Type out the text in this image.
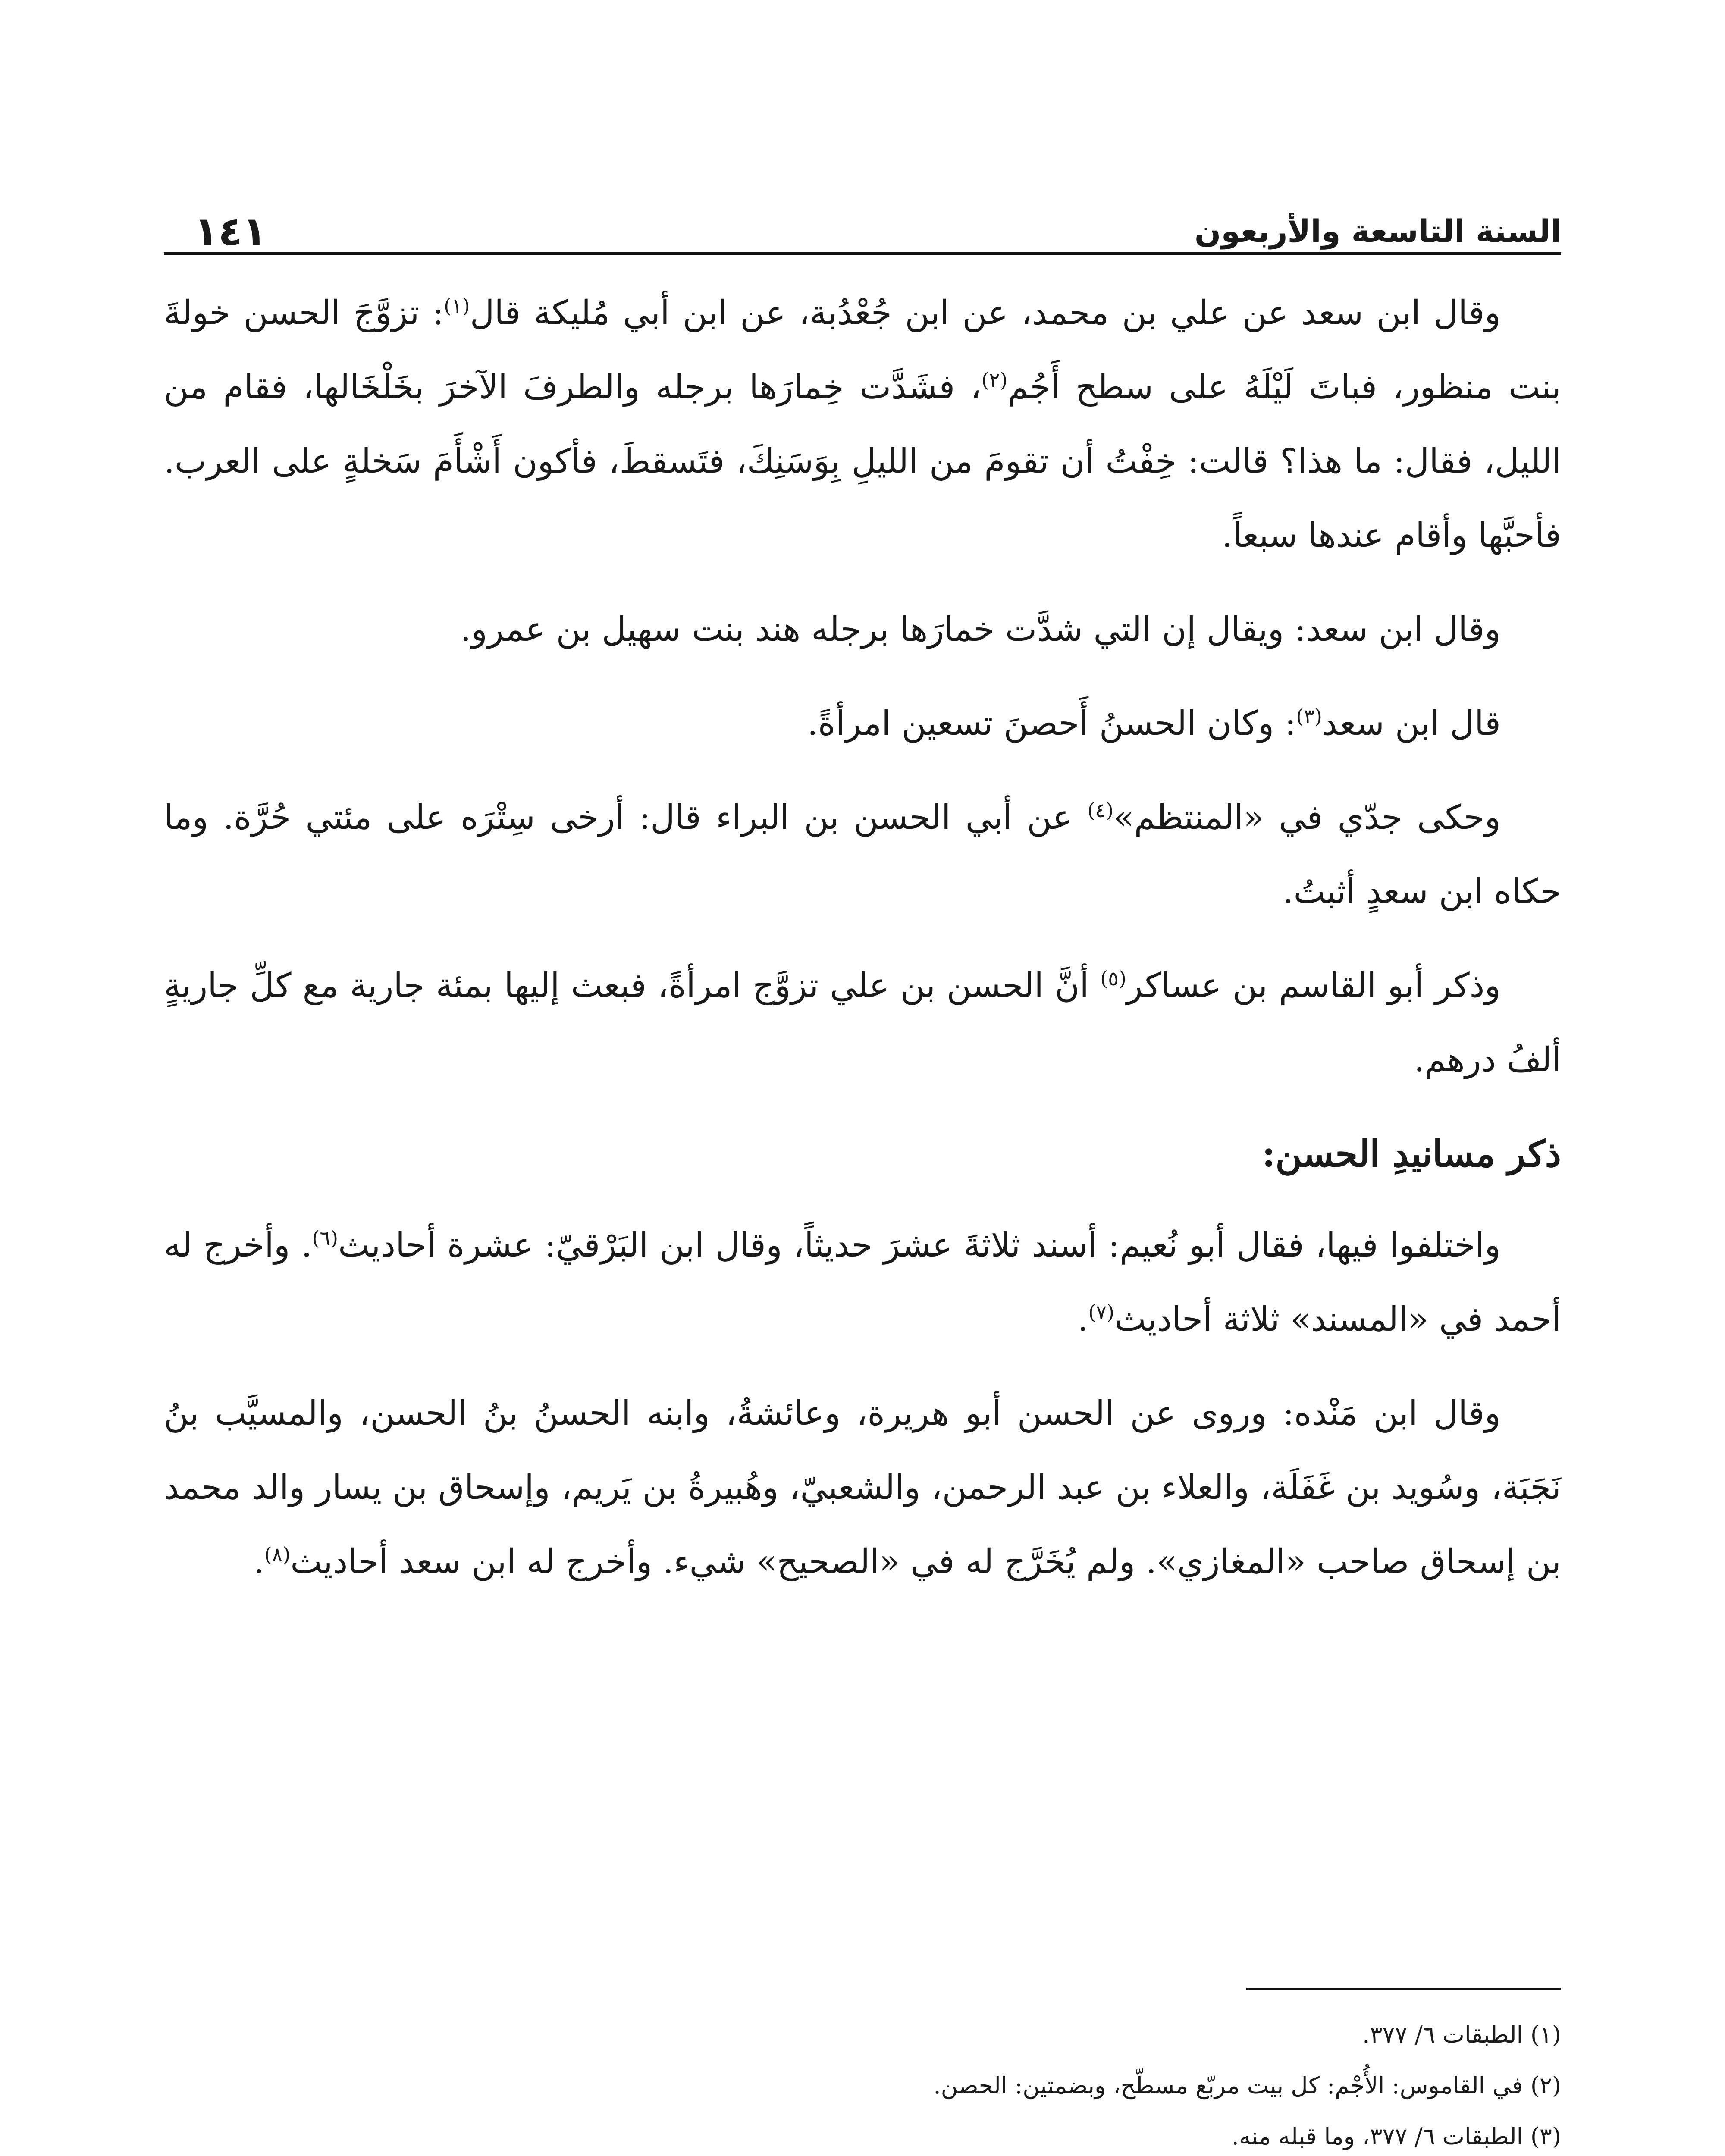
السنة التاسعة والأربعون
١٤١

وقال ابن سعد عن علي بن محمد، عن ابن جُعْدُبة، عن ابن أبي مُليكة قال$^{(١)}$: تزوَّجَ الحسن خولةَ بنت منظور، فباتَ لَيْلَهُ على سطح أَجُم$^{(٢)}$، فشَدَّت خِمارَها برجله والطرفَ الآخرَ بخَلْخَالها، فقام من الليل، فقال: ما هذا؟ قالت: خِفْتُ أن تقومَ من الليلِ بِوَسَنِكَ، فتَسقطَ، فأكون أَشْأَمَ سَخلةٍ على العرب. فأحبَّها وأقام عندها سبعاً.

وقال ابن سعد: ويقال إن التي شدَّت خمارَها برجله هند بنت سهيل بن عمرو.

قال ابن سعد$^{(٣)}$: وكان الحسنُ أَحصنَ تسعين امرأةً.

وحكى جدّي في «المنتظم»$^{(٤)}$ عن أبي الحسن بن البراء قال: أرخى سِتْرَه على مئتي حُرَّة. وما حكاه ابن سعدٍ أثبتُ.

وذكر أبو القاسم بن عساكر$^{(٥)}$ أنَّ الحسن بن علي تزوَّج امرأةً، فبعث إليها بمئة جارية مع كلِّ جاريةٍ ألفُ درهم.

ذكر مسانيدِ الحسن:

واختلفوا فيها، فقال أبو نُعيم: أسند ثلاثةَ عشرَ حديثاً، وقال ابن البَرْقيّ: عشرة أحاديث$^{(٦)}$. وأخرج له أحمد في «المسند» ثلاثة أحاديث$^{(٧)}$.

وقال ابن مَنْده: وروى عن الحسن أبو هريرة، وعائشةُ، وابنه الحسنُ بنُ الحسن، والمسيَّب بنُ نَجَبَة، وسُويد بن غَفَلَة، والعلاء بن عبد الرحمن، والشعبيّ، وهُبيرةُ بن يَريم، وإسحاق بن يسار والد محمد بن إسحاق صاحب «المغازي». ولم يُخَرَّج له في «الصحيح» شيء. وأخرج له ابن سعد أحاديث$^{(٨)}$.

(١) الطبقات ٦/ ٣٧٧.

(٢) في القاموس: الأُجْم: كل بيت مربّع مسطّح، وبضمتين: الحصن.

(٣) الطبقات ٦/ ٣٧٧، وما قبله منه.
